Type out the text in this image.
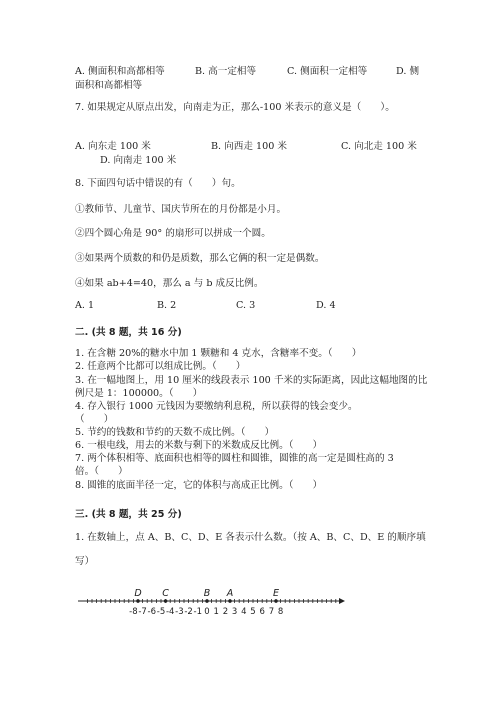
A. 侧面积和高都相等	B. 高一定相等	C. 侧面积一定相等	D. 侧
面积和高都相等
7. 如果规定从原点出发，向南走为正，那么-100 米表示的意义是（　　）。
A. 向东走 100 米	B. 向西走 100 米	C. 向北走 100 米
D. 向南走 100 米
8. 下面四句话中错误的有（　　）句。
①教师节、儿童节、国庆节所在的月份都是小月。
②四个圆心角是 90° 的扇形可以拼成一个圆。
③如果两个质数的和仍是质数，那么它俩的积一定是偶数。
④如果 ab+4=40，那么 a 与 b 成反比例。
A. 1	B. 2	C. 3	D. 4
二. (共 8 题，共 16 分)
1. 在含糖 20%的糖水中加 1 颗糖和 4 克水，含糖率不变。（　　）
2. 任意两个比都可以组成比例。（　　）
3. 在一幅地图上，用 10 厘米的线段表示 100 千米的实际距离，因此这幅地图的比
例尺是 1：100000。（　　）
4. 存入银行 1000 元钱因为要缴纳利息税，所以获得的钱会变少。
（　　）
5. 节约的钱数和节约的天数不成比例。（　　）
6. 一根电线，用去的米数与剩下的米数成反比例。（　　）
7. 两个体积相等、底面积也相等的圆柱和圆锥，圆锥的高一定是圆柱高的 3
倍。（　　）
8. 圆锥的底面半径一定，它的体积与高成正比例。（　　）
三. (共 8 题，共 25 分)
1. 在数轴上，点 A、B、C、D、E 各表示什么数。（按 A、B、C、D、E 的顺序填
写）
-8 -7 -6 -5 -4 -3 -2 -1 0 1 2 3 4 5 6 7 8
D C	B A	E
